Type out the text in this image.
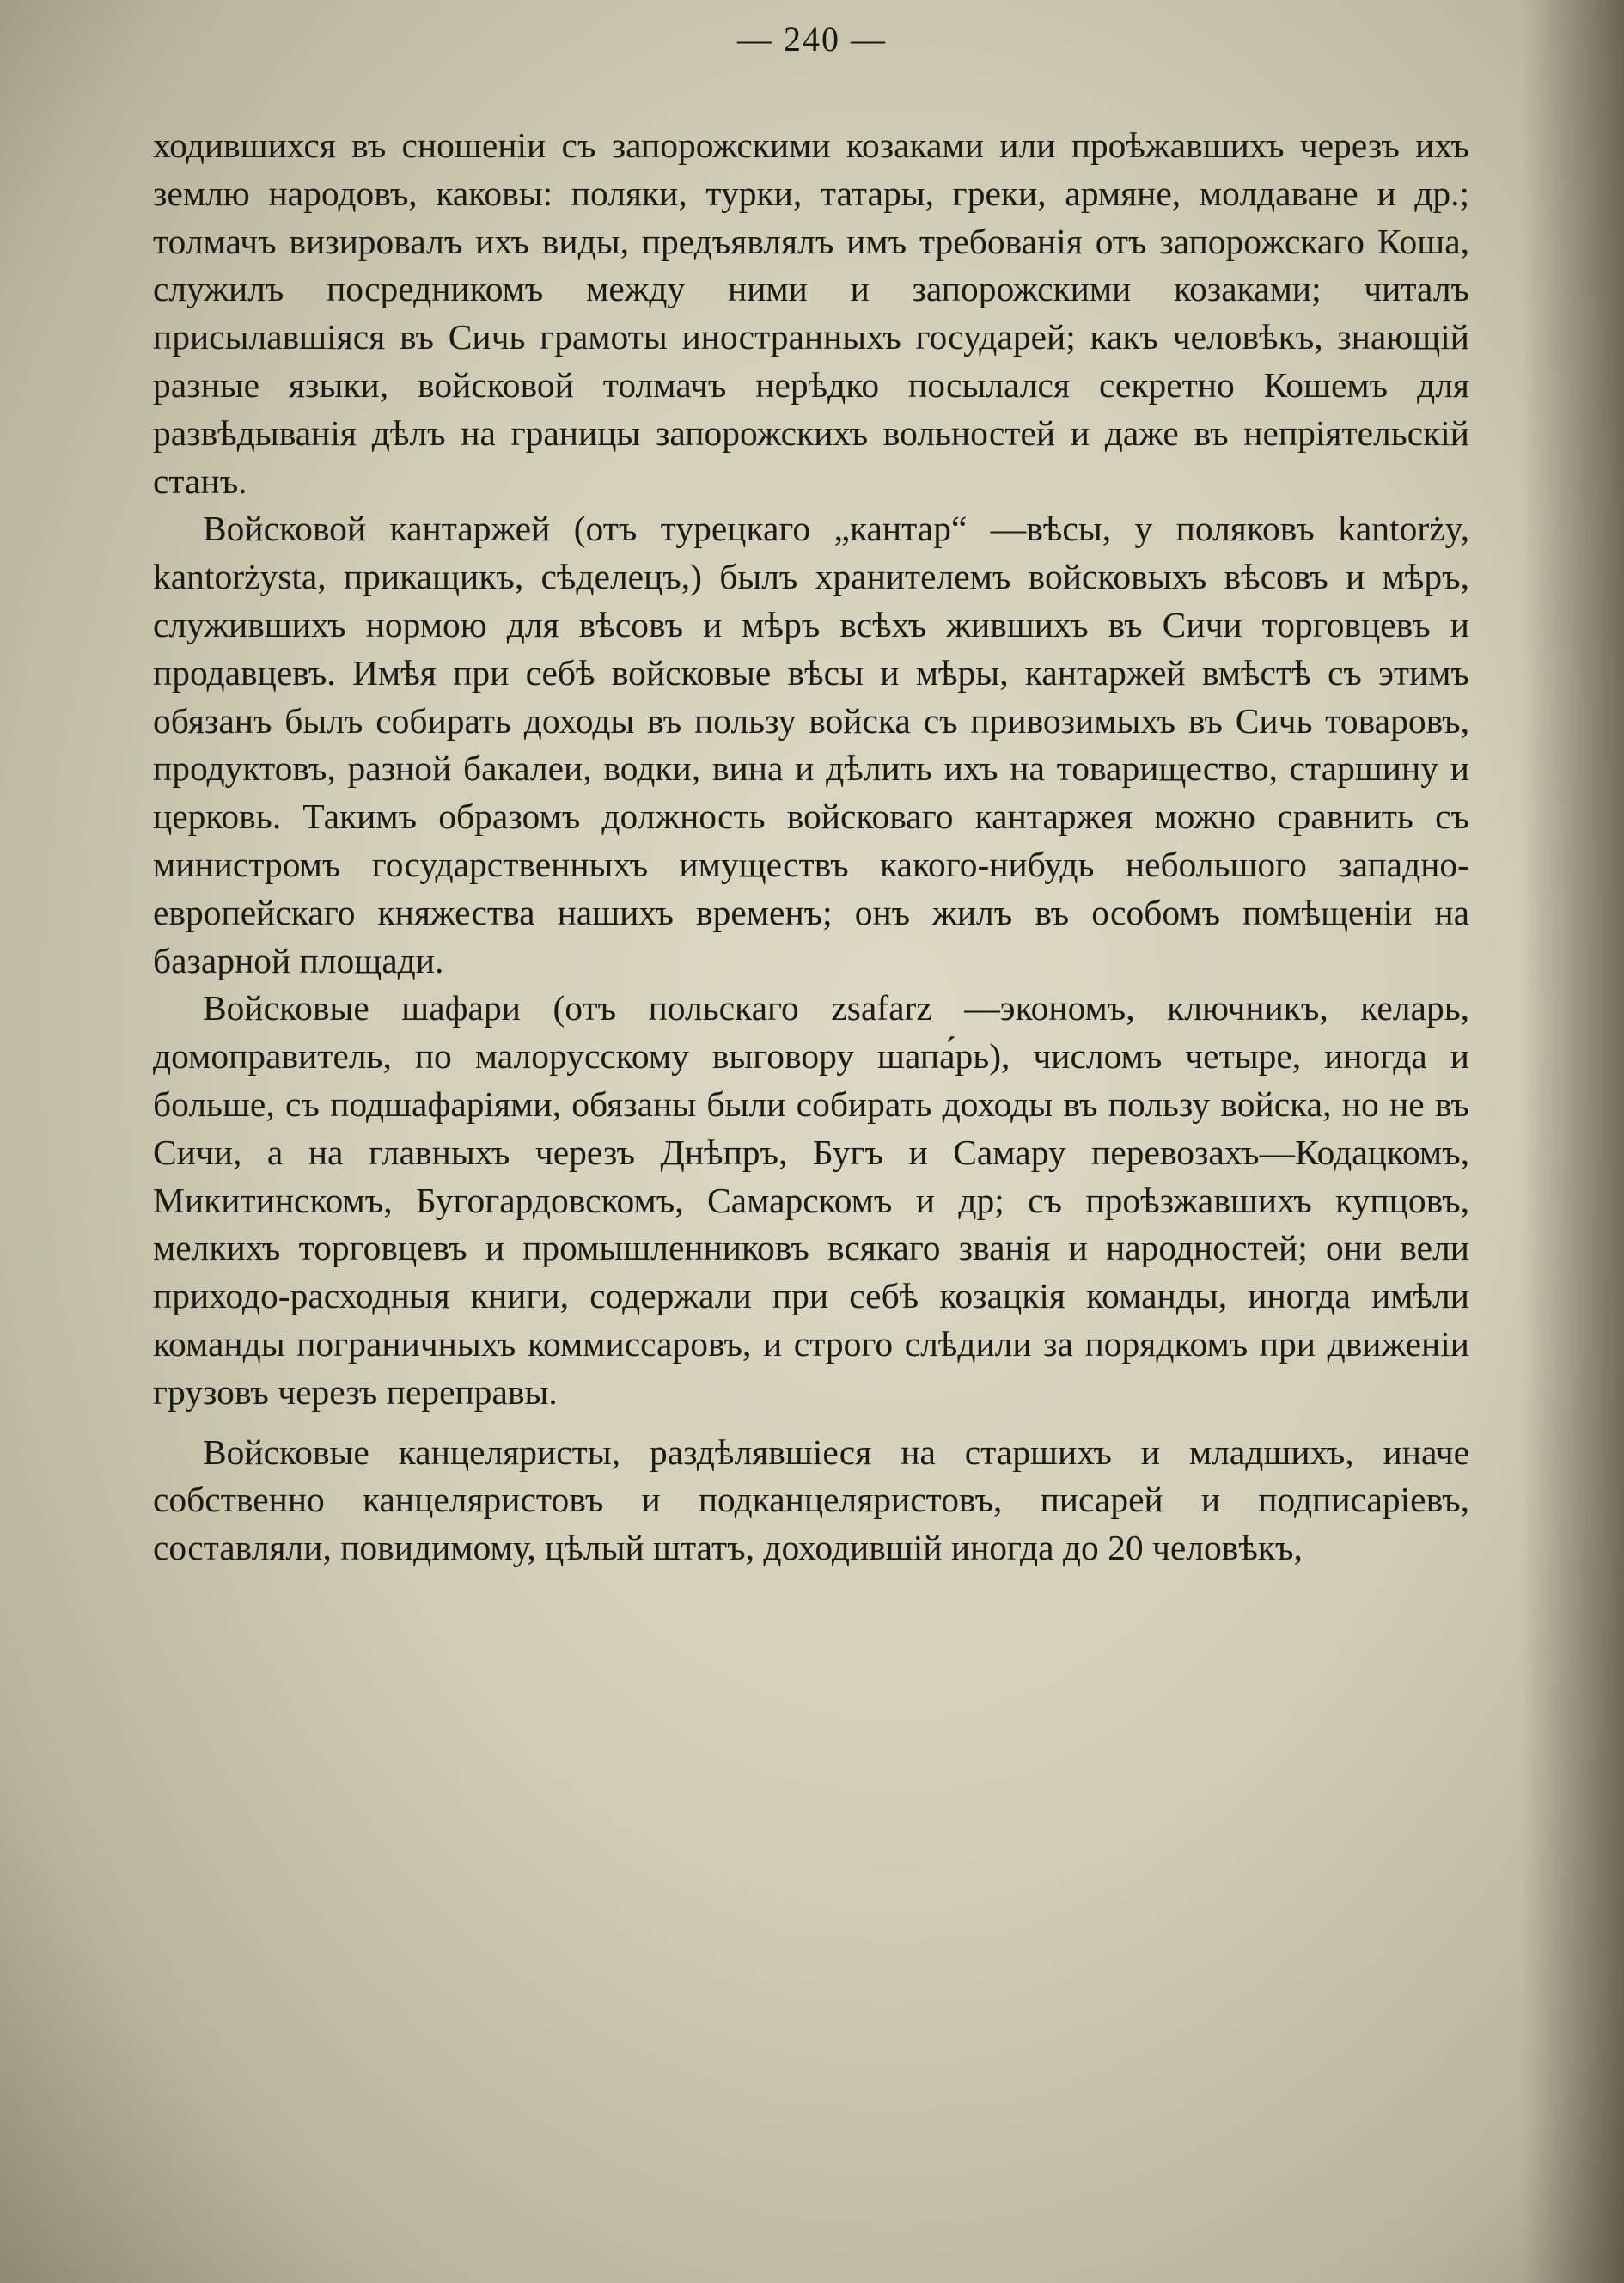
— 240 —

ходившихся въ сношеніи съ запорожскими козаками или проѣжавшихъ черезъ ихъ землю народовъ, каковы: поляки, турки, татары, греки, армяне, молдаване и др.; толмачъ визировалъ ихъ виды, предъявлялъ имъ требованія отъ запорожскаго Коша, служилъ посредникомъ между ними и запорожскими козаками; читалъ присылавшіяся въ Сичь грамоты иностранныхъ государей; какъ человѣкъ, знающій разные языки, войсковой толмачъ нерѣдко посылался секретно Кошемъ для развѣдыванія дѣлъ на границы запорожскихъ вольностей и даже въ непріятельскій станъ.

Войсковой кантаржей (отъ турецкаго „кантар“ —вѣсы, у поляковъ kantorży, kantorżysta, прикащикъ, сѣделецъ,) былъ хранителемъ войсковыхъ вѣсовъ и мѣръ, служившихъ нормою для вѣсовъ и мѣръ всѣхъ жившихъ въ Сичи торговцевъ и продавцевъ. Имѣя при себѣ войсковые вѣсы и мѣры, кантаржей вмѣстѣ съ этимъ обязанъ былъ собирать доходы въ пользу войска съ привозимыхъ въ Сичь товаровъ, продуктовъ, разной бакалеи, водки, вина и дѣлить ихъ на товарищество, старшину и церковь. Такимъ образомъ должность войсковаго кантаржея можно сравнить съ министромъ государственныхъ имуществъ какого-нибудь небольшого западно-европейскаго княжества нашихъ временъ; онъ жилъ въ особомъ помѣщеніи на базарной площади.

Войсковые шафари (отъ польскаго zsafarz —экономъ, ключникъ, келарь, домоправитель, по малорусскому выговору шапа́рь), числомъ четыре, иногда и больше, съ подшафаріями, обязаны были собирать доходы въ пользу войска, но не въ Сичи, а на главныхъ черезъ Днѣпръ, Бугъ и Самару перевозахъ—Кодацкомъ, Микитинскомъ, Бугогардовскомъ, Самарскомъ и др; съ проѣзжавшихъ купцовъ, мелкихъ торговцевъ и промышленниковъ всякаго званія и народностей; они вели приходо-расходныя книги, содержали при себѣ козацкія команды, иногда имѣли команды пограничныхъ коммиссаровъ, и строго слѣдили за порядкомъ при движеніи грузовъ черезъ переправы.

Войсковые канцеляристы, раздѣлявшіеся на старшихъ и младшихъ, иначе собственно канцеляристовъ и подканцеляристовъ, писарей и подписаріевъ, составляли, повидимому, цѣлый штатъ, доходившій иногда до 20 человѣкъ,
